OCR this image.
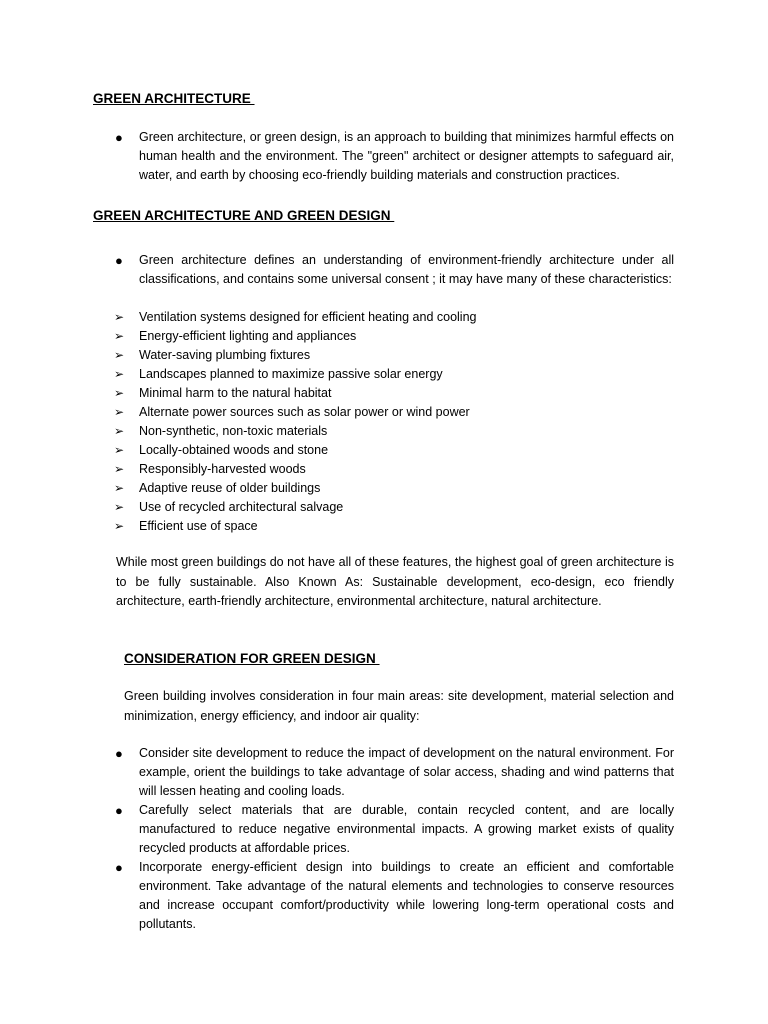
GREEN ARCHITECTURE
● Green architecture, or green design, is an approach to building that minimizes harmful effects on human health and the environment. The "green" architect or designer attempts to safeguard air, water, and earth by choosing eco-friendly building materials and construction practices.
GREEN ARCHITECTURE AND GREEN DESIGN
● Green architecture defines an understanding of environment-friendly architecture under all classifications, and contains some universal consent ; it may have many of these characteristics:
➢ Ventilation systems designed for efficient heating and cooling
➢ Energy-efficient lighting and appliances
➢ Water-saving plumbing fixtures
➢ Landscapes planned to maximize passive solar energy
➢ Minimal harm to the natural habitat
➢ Alternate power sources such as solar power or wind power
➢ Non-synthetic, non-toxic materials
➢ Locally-obtained woods and stone
➢ Responsibly-harvested woods
➢ Adaptive reuse of older buildings
➢ Use of recycled architectural salvage
➢ Efficient use of space

While most green buildings do not have all of these features, the highest goal of green architecture is to be fully sustainable. Also Known As: Sustainable development, eco-design, eco friendly architecture, earth-friendly architecture, environmental architecture, natural architecture.

CONSIDERATION FOR GREEN DESIGN

Green building involves consideration in four main areas: site development, material selection and minimization, energy efficiency, and indoor air quality:

● Consider site development to reduce the impact of development on the natural environment. For example, orient the buildings to take advantage of solar access, shading and wind patterns that will lessen heating and cooling loads.
● Carefully select materials that are durable, contain recycled content, and are locally manufactured to reduce negative environmental impacts. A growing market exists of quality recycled products at affordable prices.
● Incorporate energy-efficient design into buildings to create an efficient and comfortable environment. Take advantage of the natural elements and technologies to conserve resources and increase occupant comfort/productivity while lowering long-term operational costs and pollutants.
